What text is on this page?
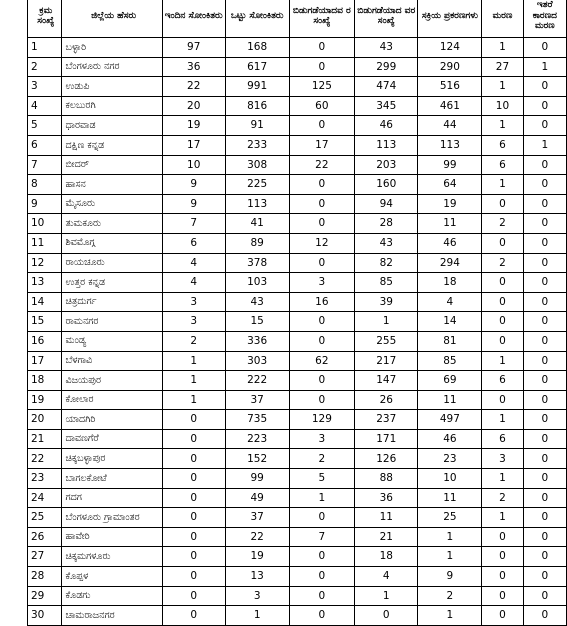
ಕ್ರಮ ಸಂಖ್ಯೆ	ಜಿಲ್ಲೆಯ ಹೆಸರು	ಇಂದಿನ ಸೋಂಕಿತರು	ಒಟ್ಟು ಸೋಂಕಿತರು	ಬಿಡುಗಡೆಯಾದವ ರ ಸಂಖ್ಯೆ	ಬಿಡುಗಡೆಯಾದ ವರ ಸಂಖ್ಯೆ	ಸಕ್ರಿಯ ಪ್ರಕರಣಗಳು	ಮರಣ	ಇತರೆ ಕಾರಣದ ಮರಣ
1	ಬಳ್ಳಾರಿ	97	168	0	43	124	1	0
2	ಬೆಂಗಳೂರು ನಗರ	36	617	0	299	290	27	1
3	ಉಡುಪಿ	22	991	125	474	516	1	0
4	ಕಲಬುರಗಿ	20	816	60	345	461	10	0
5	ಧಾರವಾಡ	19	91	0	46	44	1	0
6	ದಕ್ಷಿಣ ಕನ್ನಡ	17	233	17	113	113	6	1
7	ಬೀದರ್	10	308	22	203	99	6	0
8	ಹಾಸನ	9	225	0	160	64	1	0
9	ಮೈಸೂರು	9	113	0	94	19	0	0
10	ತುಮಕೂರು	7	41	0	28	11	2	0
11	ಶಿವಮೊಗ್ಗ	6	89	12	43	46	0	0
12	ರಾಯಚೂರು	4	378	0	82	294	2	0
13	ಉತ್ತರ ಕನ್ನಡ	4	103	3	85	18	0	0
14	ಚಿತ್ರದುರ್ಗ	3	43	16	39	4	0	0
15	ರಾಮನಗರ	3	15	0	1	14	0	0
16	ಮಂಡ್ಯ	2	336	0	255	81	0	0
17	ಬೆಳಗಾವಿ	1	303	62	217	85	1	0
18	ವಿಜಯಪುರ	1	222	0	147	69	6	0
19	ಕೋಲಾರ	1	37	0	26	11	0	0
20	ಯಾದಗಿರಿ	0	735	129	237	497	1	0
21	ದಾವಣಗೆರೆ	0	223	3	171	46	6	0
22	ಚಿಕ್ಕಬಳ್ಳಾಪುರ	0	152	2	126	23	3	0
23	ಬಾಗಲಕೋಟೆ	0	99	5	88	10	1	0
24	ಗದಗ	0	49	1	36	11	2	0
25	ಬೆಂಗಳೂರು ಗ್ರಾಮಾಂತರ	0	37	0	11	25	1	0
26	ಹಾವೇರಿ	0	22	7	21	1	0	0
27	ಚಿಕ್ಕಮಗಳೂರು	0	19	0	18	1	0	0
28	ಕೊಪ್ಪಳ	0	13	0	4	9	0	0
29	ಕೊಡಗು	0	3	0	1	2	0	0
30	ಚಾಮರಾಜನಗರ	0	1	0	0	1	0	0
